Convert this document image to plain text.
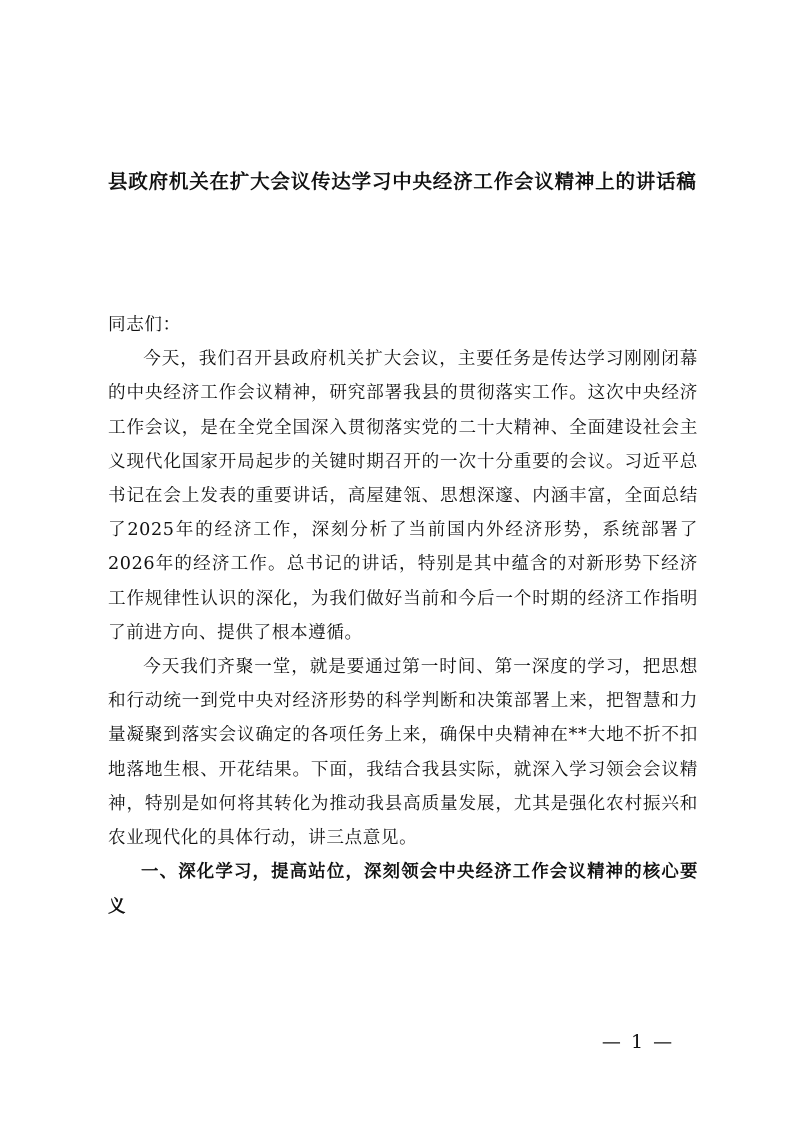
县政府机关在扩大会议传达学习中央经济工作会议精神上的讲话稿

同志们：

今天，我们召开县政府机关扩大会议，主要任务是传达学习刚刚闭幕的中央经济工作会议精神，研究部署我县的贯彻落实工作。这次中央经济工作会议，是在全党全国深入贯彻落实党的二十大精神、全面建设社会主义现代化国家开局起步的关键时期召开的一次十分重要的会议。习近平总书记在会上发表的重要讲话，高屋建瓴、思想深邃、内涵丰富，全面总结了2025年的经济工作，深刻分析了当前国内外经济形势，系统部署了2026年的经济工作。总书记的讲话，特别是其中蕴含的对新形势下经济工作规律性认识的深化，为我们做好当前和今后一个时期的经济工作指明了前进方向、提供了根本遵循。

今天我们齐聚一堂，就是要通过第一时间、第一深度的学习，把思想和行动统一到党中央对经济形势的科学判断和决策部署上来，把智慧和力量凝聚到落实会议确定的各项任务上来，确保中央精神在**大地不折不扣地落地生根、开花结果。下面，我结合我县实际，就深入学习领会会议精神，特别是如何将其转化为推动我县高质量发展，尤其是强化农村振兴和农业现代化的具体行动，讲三点意见。

一、深化学习，提高站位，深刻领会中央经济工作会议精神的核心要义

— 1 —
